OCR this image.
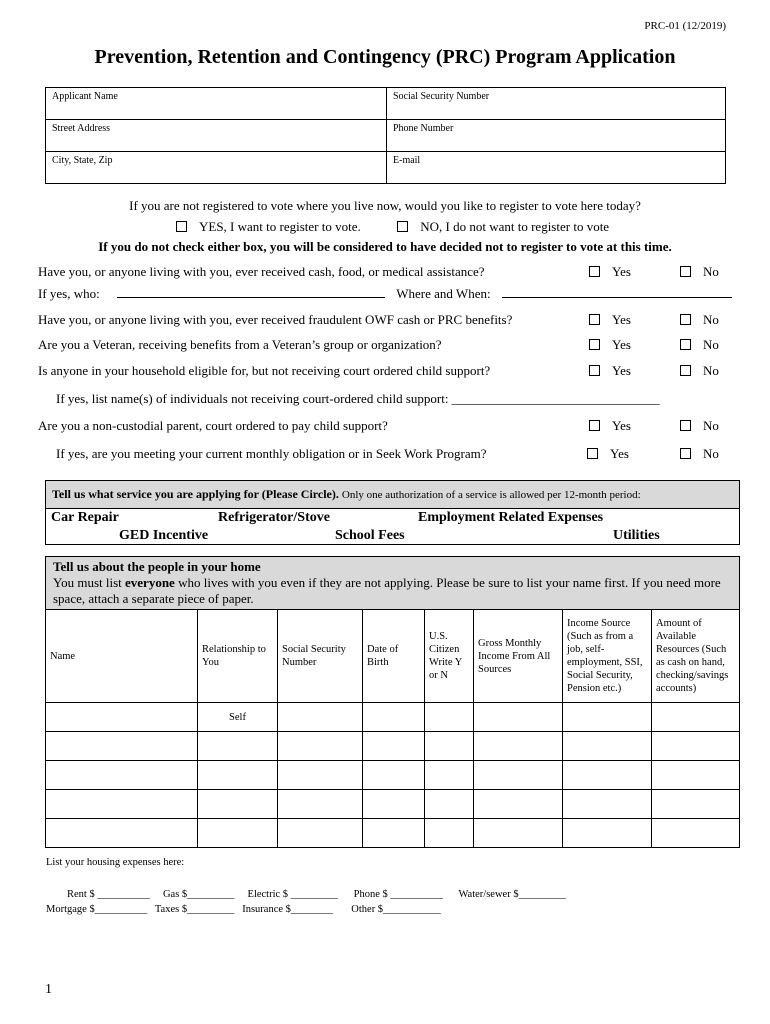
PRC-01 (12/2019)
Prevention, Retention and Contingency (PRC) Program Application
Applicant Name	Social Security Number
Street Address	Phone Number
City, State, Zip	E-mail
If you are not registered to vote where you live now, would you like to register to vote here today?
YES, I want to register to vote.	NO, I do not want to register to vote
If you do not check either box, you will be considered to have decided not to register to vote at this time.
Have you, or anyone living with you, ever received cash, food, or medical assistance?	Yes	No
If yes, who:	Where and When:
Have you, or anyone living with you, ever received fraudulent OWF cash or PRC benefits?	Yes	No
Are you a Veteran, receiving benefits from a Veteran’s group or organization?	Yes	No
Is anyone in your household eligible for, but not receiving court ordered child support?	Yes	No
If yes, list name(s) of individuals not receiving court-ordered child support: ________________________________
Are you a non-custodial parent, court ordered to pay child support?	Yes	No
If yes, are you meeting your current monthly obligation or in Seek Work Program?	Yes	No
Tell us what service you are applying for (Please Circle). Only one authorization of a service is allowed per 12-month period:
Car Repair	Refrigerator/Stove	Employment Related Expenses
GED Incentive	School Fees	Utilities
Tell us about the people in your home
You must list everyone who lives with you even if they are not applying. Please be sure to list your name first. If you need more space, attach a separate piece of paper.
Name	Relationship to You	Social Security Number	Date of Birth	U.S. Citizen Write Y or N	Gross Monthly Income From All Sources	Income Source (Such as from a job, self-employment, SSI, Social Security, Pension etc.)	Amount of Available Resources (Such as cash on hand, checking/savings accounts)
	Self						

List your housing expenses here:
Rent $ __________     Gas $_________     Electric $ _________      Phone $ __________      Water/sewer $_________
Mortgage $__________   Taxes $_________   Insurance $________       Other $___________
1
